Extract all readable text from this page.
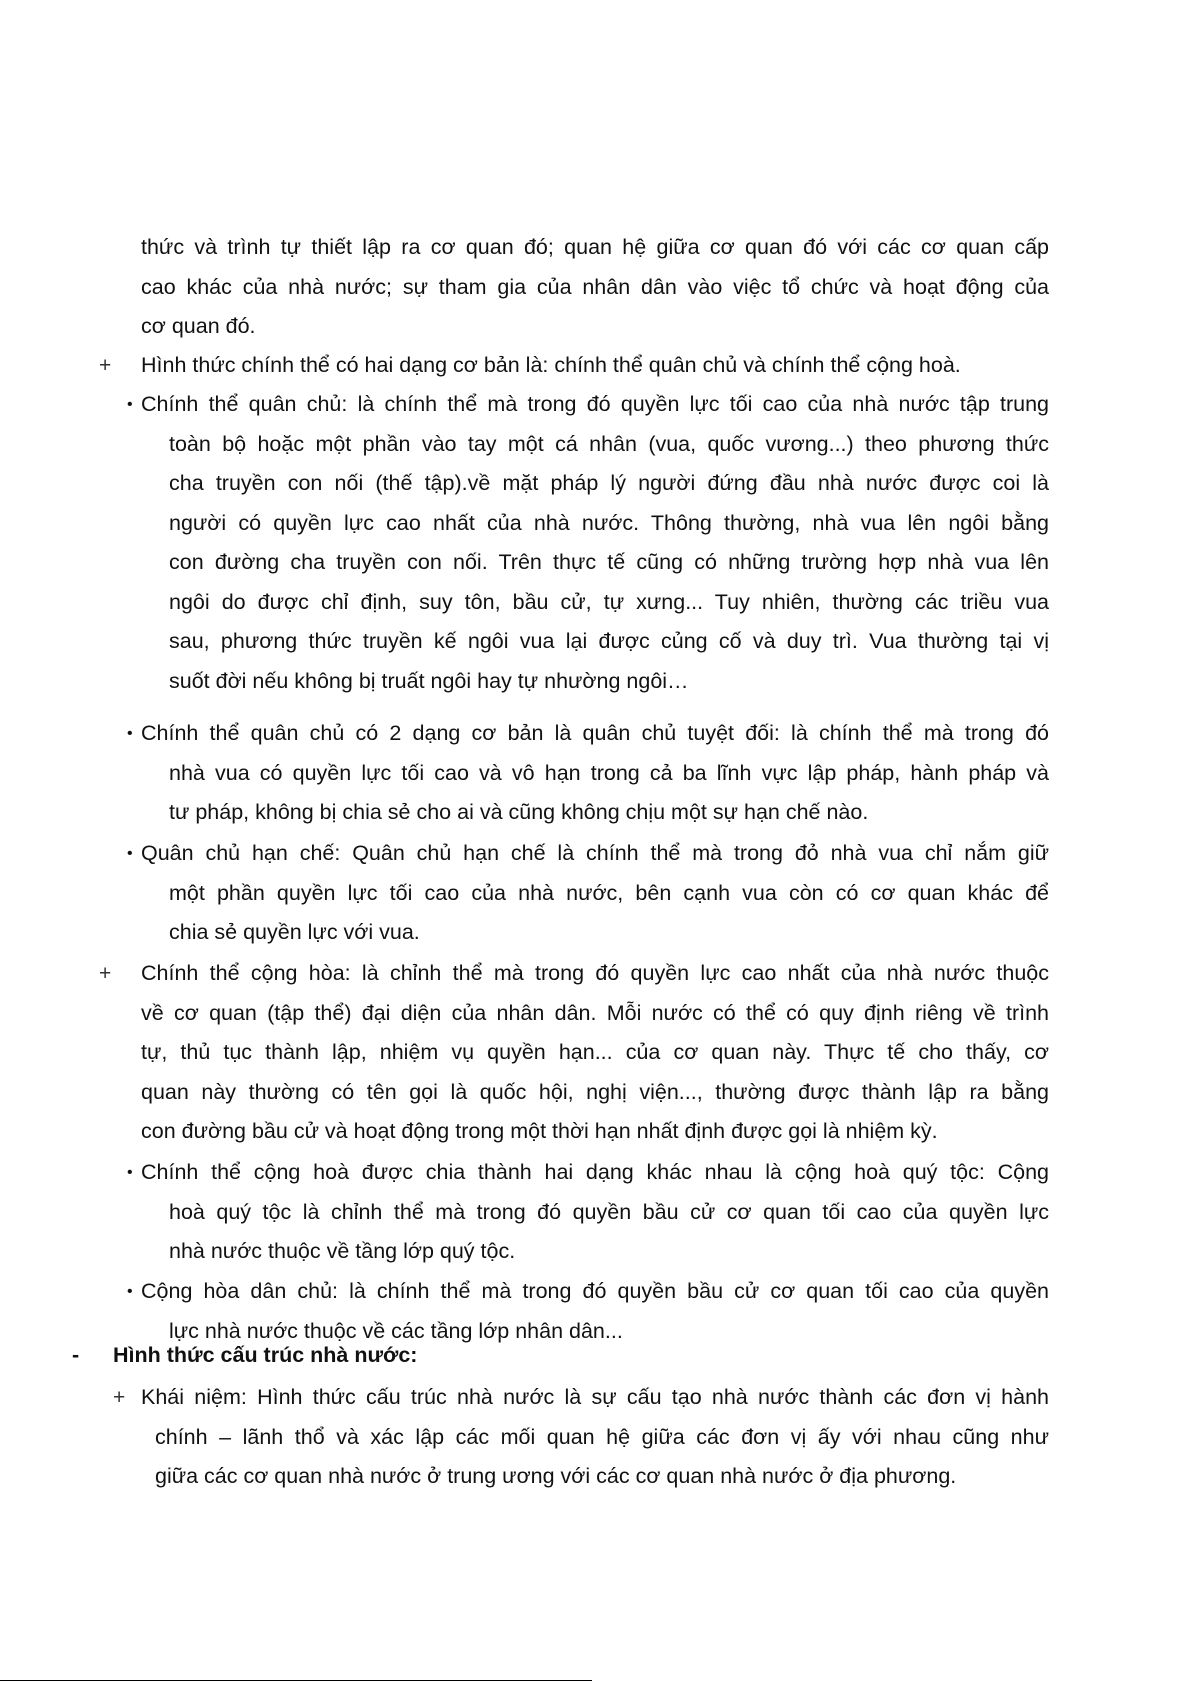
thức và trình tự thiết lập ra cơ quan đó; quan hệ giữa cơ quan đó với các cơ quan cấp
cao khác của nhà nước; sự tham gia của nhân dân vào việc tổ chức và hoạt động của
cơ quan đó.
+ Hình thức chính thể có hai dạng cơ bản là: chính thể quân chủ và chính thể cộng hoà.
• Chính thể quân chủ: là chính thể mà trong đó quyền lực tối cao của nhà nước tập trung
toàn bộ hoặc một phần vào tay một cá nhân (vua, quốc vương...) theo phương thức
cha truyền con nối (thế tập).về mặt pháp lý người đứng đầu nhà nước được coi là
người có quyền lực cao nhất của nhà nước. Thông thường, nhà vua lên ngôi bằng
con đường cha truyền con nối. Trên thực tế cũng có những trường hợp nhà vua lên
ngôi do được chỉ định, suy tôn, bầu cử, tự xưng... Tuy nhiên, thường các triều vua
sau, phương thức truyền kế ngôi vua lại được củng cố và duy trì. Vua thường tại vị
suốt đời nếu không bị truất ngôi hay tự nhường ngôi…
• Chính thể quân chủ có 2 dạng cơ bản là quân chủ tuyệt đối: là chính thể mà trong đó
nhà vua có quyền lực tối cao và vô hạn trong cả ba lĩnh vực lập pháp, hành pháp và
tư pháp, không bị chia sẻ cho ai và cũng không chịu một sự hạn chế nào.
• Quân chủ hạn chế: Quân chủ hạn chế là chính thể mà trong đỏ nhà vua chỉ nắm giữ
một phần quyền lực tối cao của nhà nước, bên cạnh vua còn có cơ quan khác để
chia sẻ quyền lực với vua.
+ Chính thể cộng hòa: là chỉnh thể mà trong đó quyền lực cao nhất của nhà nước thuộc
về cơ quan (tập thể) đại diện của nhân dân. Mỗi nước có thể có quy định riêng về trình
tự, thủ tục thành lập, nhiệm vụ quyền hạn... của cơ quan này. Thực tế cho thấy, cơ
quan này thường có tên gọi là quốc hội, nghị viện..., thường được thành lập ra bằng
con đường bầu cử và hoạt động trong một thời hạn nhất định được gọi là nhiệm kỳ.
• Chính thể cộng hoà được chia thành hai dạng khác nhau là cộng hoà quý tộc: Cộng
hoà quý tộc là chỉnh thể mà trong đó quyền bầu cử cơ quan tối cao của quyền lực
nhà nước thuộc về tầng lớp quý tộc.
• Cộng hòa dân chủ: là chính thể mà trong đó quyền bầu cử cơ quan tối cao của quyền
lực nhà nước thuộc về các tầng lớp nhân dân...
- Hình thức cấu trúc nhà nước:
+ Khái niệm: Hình thức cấu trúc nhà nước là sự cấu tạo nhà nước thành các đơn vị hành
chính – lãnh thổ và xác lập các mối quan hệ giữa các đơn vị ấy với nhau cũng như
giữa các cơ quan nhà nước ở trung ương với các cơ quan nhà nước ở địa phương.
